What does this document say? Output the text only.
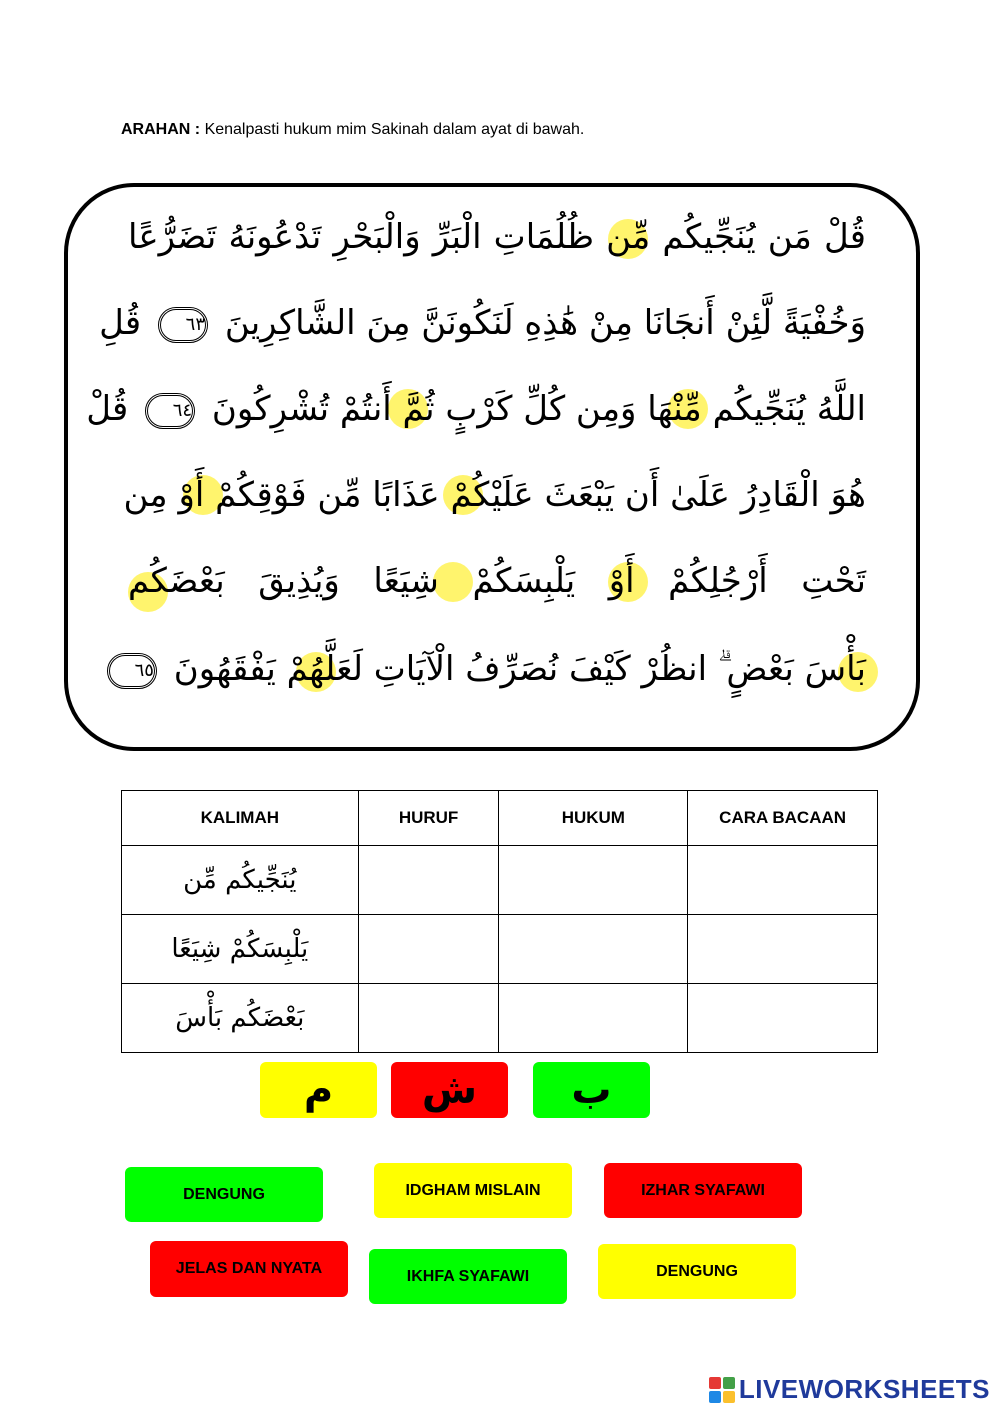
ARAHAN : Kenalpasti hukum mim Sakinah dalam ayat di bawah.
قُلْ مَن يُنَجِّيكُم مِّن ظُلُمَاتِ الْبَرِّ وَالْبَحْرِ تَدْعُونَهُ تَضَرُّعًا
وَخُفْيَةً لَّئِنْ أَنجَانَا مِنْ هَٰذِهِ لَنَكُونَنَّ مِنَ الشَّاكِرِينَ ٦٣ قُلِ
اللَّهُ يُنَجِّيكُم مِّنْهَا وَمِن كُلِّ كَرْبٍ ثُمَّ أَنتُمْ تُشْرِكُونَ ٦٤ قُلْ
هُوَ الْقَادِرُ عَلَىٰ أَن يَبْعَثَ عَلَيْكُمْ عَذَابًا مِّن فَوْقِكُمْ أَوْ مِن
تَحْتِ أَرْجُلِكُمْ أَوْ يَلْبِسَكُمْ شِيَعًا وَيُذِيقَ بَعْضَكُم
بَأْسَ بَعْضٍ ۗ انظُرْ كَيْفَ نُصَرِّفُ الْآيَاتِ لَعَلَّهُمْ يَفْقَهُونَ ٦٥
KALIMAH	HURUF	HUKUM	CARA BACAAN
يُنَجِّيكُم مِّن			
يَلْبِسَكُمْ شِيَعًا			
بَعْضَكُم بَأْسَ			
م	ش	ب
DENGUNG	IDGHAM MISLAIN	IZHAR SYAFAWI
JELAS DAN NYATA	IKHFA SYAFAWI	DENGUNG
LIVEWORKSHEETS
